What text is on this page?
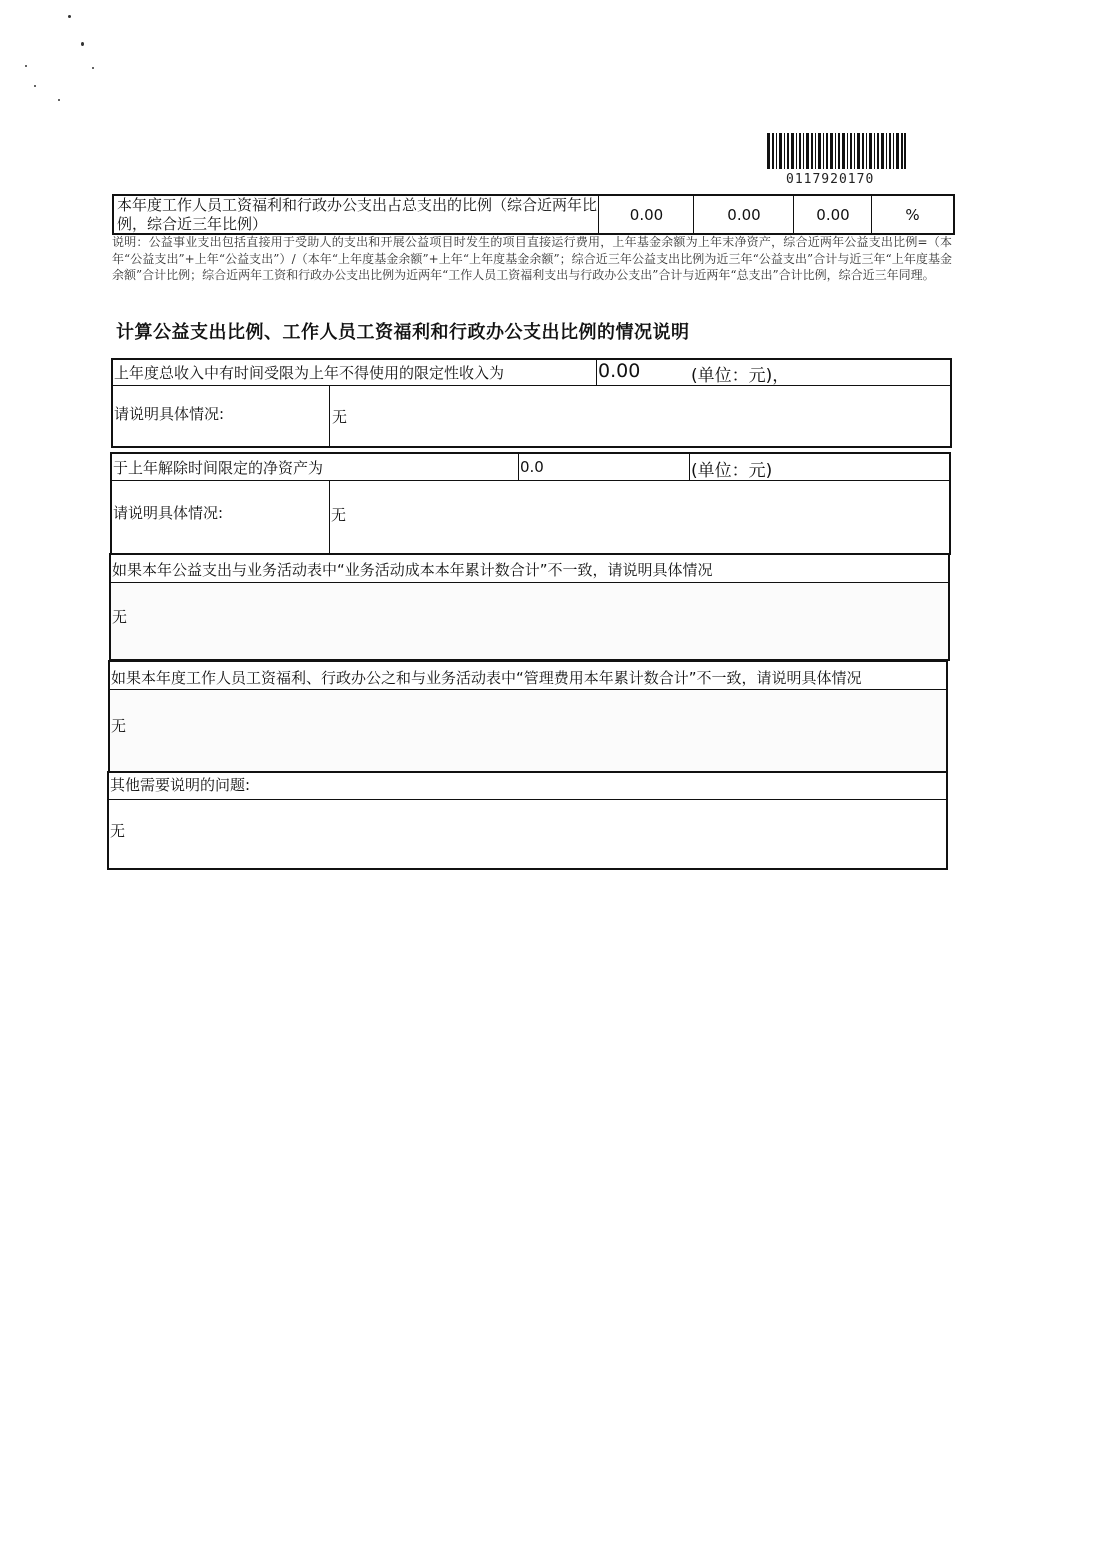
0117920170
本年度工作人员工资福利和行政办公支出占总支出的比例（综合近两年比例，综合近三年比例）
0.00	0.00	0.00	%
说明：公益事业支出包括直接用于受助人的支出和开展公益项目时发生的项目直接运行费用，上年基金余额为上年末净资产，综合近两年公益支出比例=（本年“公益支出”+上年“公益支出”）/（本年“上年度基金余额”+上年“上年度基金余额”；综合近三年公益支出比例为近三年“公益支出”合计与近三年“上年度基金余额”合计比例；综合近两年工资和行政办公支出比例为近两年“工作人员工资福利支出与行政办公支出”合计与近两年“总支出”合计比例，综合近三年同理。
计算公益支出比例、工作人员工资福利和行政办公支出比例的情况说明
上年度总收入中有时间受限为上年不得使用的限定性收入为	0.00	(单位：元)，
请说明具体情况:	无
于上年解除时间限定的净资产为	0.0	(单位：元)
请说明具体情况:	无
如果本年公益支出与业务活动表中“业务活动成本本年累计数合计”不一致，请说明具体情况
无
如果本年度工作人员工资福利、行政办公之和与业务活动表中“管理费用本年累计数合计”不一致，请说明具体情况
无
其他需要说明的问题:
无
